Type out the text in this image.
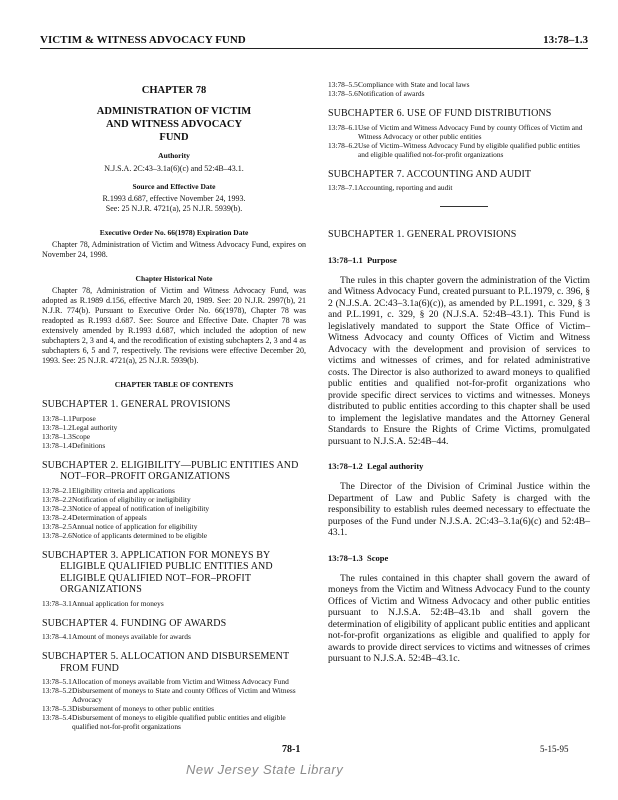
VICTIM & WITNESS ADVOCACY FUND	13:78–1.3
CHAPTER 78
ADMINISTRATION OF VICTIM AND WITNESS ADVOCACY FUND
Authority
N.J.S.A. 2C:43–3.1a(6)(c) and 52:4B–43.1.
Source and Effective Date
R.1993 d.687, effective November 24, 1993.
See: 25 N.J.R. 4721(a), 25 N.J.R. 5939(b).
Executive Order No. 66(1978) Expiration Date
Chapter 78, Administration of Victim and Witness Advocacy Fund, expires on November 24, 1998.
Chapter Historical Note
Chapter 78, Administration of Victim and Witness Advocacy Fund, was adopted as R.1989 d.156, effective March 20, 1989. See: 20 N.J.R. 2997(b), 21 N.J.R. 774(b). Pursuant to Executive Order No. 66(1978), Chapter 78 was readopted as R.1993 d.687. See: Source and Effective Date. Chapter 78 was extensively amended by R.1993 d.687, which included the adoption of new subchapters 2, 3 and 4, and the recodification of existing subchapters 2, 3 and 4 as subchapters 6, 5 and 7, respectively. The revisions were effective December 20, 1993. See: 25 N.J.R. 4721(a), 25 N.J.R. 5939(b).
CHAPTER TABLE OF CONTENTS
SUBCHAPTER 1. GENERAL PROVISIONS
13:78–1.1 Purpose
13:78–1.2 Legal authority
13:78–1.3 Scope
13:78–1.4 Definitions
SUBCHAPTER 2. ELIGIBILITY—PUBLIC ENTITIES AND NOT–FOR–PROFIT ORGANIZATIONS
13:78–2.1 Eligibility criteria and applications
13:78–2.2 Notification of eligibility or ineligibility
13:78–2.3 Notice of appeal of notification of ineligibility
13:78–2.4 Determination of appeals
13:78–2.5 Annual notice of application for eligibility
13:78–2.6 Notice of applicants determined to be eligible
SUBCHAPTER 3. APPLICATION FOR MONEYS BY ELIGIBLE QUALIFIED PUBLIC ENTITIES AND ELIGIBLE QUALIFIED NOT–FOR–PROFIT ORGANIZATIONS
13:78–3.1 Annual application for moneys
SUBCHAPTER 4. FUNDING OF AWARDS
13:78–4.1 Amount of moneys available for awards
SUBCHAPTER 5. ALLOCATION AND DISBURSEMENT FROM FUND
13:78–5.1 Allocation of moneys available from Victim and Witness Advocacy Fund
13:78–5.2 Disbursement of moneys to State and county Offices of Victim and Witness Advocacy
13:78–5.3 Disbursement of moneys to other public entities
13:78–5.4 Disbursement of moneys to eligible qualified public entities and eligible qualified not-for-profit organizations
13:78–5.5 Compliance with State and local laws
13:78–5.6 Notification of awards
SUBCHAPTER 6. USE OF FUND DISTRIBUTIONS
13:78–6.1 Use of Victim and Witness Advocacy Fund by county Offices of Victim and Witness Advocacy or other public entities
13:78–6.2 Use of Victim–Witness Advocacy Fund by eligible qualified public entities and eligible qualified not-for-profit organizations
SUBCHAPTER 7. ACCOUNTING AND AUDIT
13:78–7.1 Accounting, reporting and audit
SUBCHAPTER 1. GENERAL PROVISIONS
13:78–1.1 Purpose
The rules in this chapter govern the administration of the Victim and Witness Advocacy Fund, created pursuant to P.L.1979, c. 396, § 2 (N.J.S.A. 2C:43–3.1a(6)(c)), as amended by P.L.1991, c. 329, § 3 and P.L.1991, c. 329, § 20 (N.J.S.A. 52:4B–43.1). This Fund is legislatively mandated to support the State Office of Victim–Witness Advocacy and county Offices of Victim and Witness Advocacy with the development and provision of services to victims and witnesses of crimes, and for related administrative costs. The Director is also authorized to award moneys to qualified public entities and qualified not-for-profit organizations who provide specific direct services to victims and witnesses. Moneys distributed to public entities according to this chapter shall be used to implement the legislative mandates and the Attorney General Standards to Ensure the Rights of Crime Victims, promulgated pursuant to N.J.S.A. 52:4B–44.
13:78–1.2 Legal authority
The Director of the Division of Criminal Justice within the Department of Law and Public Safety is charged with the responsibility to establish rules deemed necessary to effectuate the purposes of the Fund under N.J.S.A. 2C:43–3.1a(6)(c) and 52:4B–43.1.
13:78–1.3 Scope
The rules contained in this chapter shall govern the award of moneys from the Victim and Witness Advocacy Fund to the county Offices of Victim and Witness Advocacy and other public entities pursuant to N.J.S.A. 52:4B–43.1b and shall govern the determination of eligibility of applicant public entities and applicant not-for-profit organizations as eligible and qualified to apply for awards to provide direct services to victims and witnesses of crimes pursuant to N.J.S.A. 52:4B–43.1c.
78-1	5-15-95
New Jersey State Library
